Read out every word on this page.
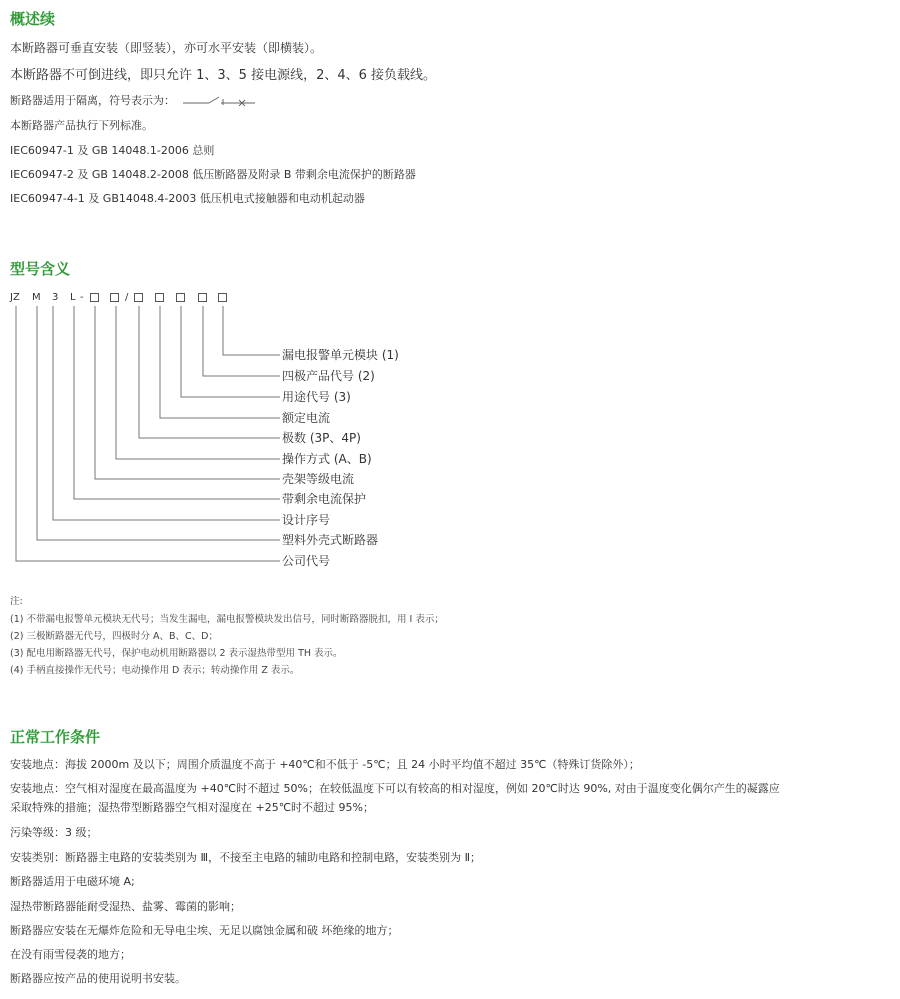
概述续
本断路器可垂直安装（即竖装），亦可水平安装（即横装）。
本断路器不可倒进线，即只允许 1、3、5 接电源线，2、4、6 接负载线。
断路器适用于隔离，符号表示为：
本断路器产品执行下列标准。
IEC60947-1 及 GB 14048.1-2006 总则
IEC60947-2 及 GB 14048.2-2008 低压断路器及附录 B 带剩余电流保护的断路器
IEC60947-4-1 及 GB14048.4-2003 低压机电式接触器和电动机起动器
型号含义
JZ M 3 L -	/
漏电报警单元模块 (1)
四极产品代号 (2)
用途代号 (3)
额定电流
极数 (3P、4P)
操作方式 (A、B)
壳架等级电流
带剩余电流保护
设计序号
塑料外壳式断路器
公司代号
注:
(1) 不带漏电报警单元模块无代号；当发生漏电，漏电报警模块发出信号，同时断路器脱扣，用 I 表示；
(2) 三极断路器无代号，四极时分 A、B、C、D；
(3) 配电用断路器无代号，保护电动机用断路器以 2 表示湿热带型用 TH 表示。
(4) 手柄直接操作无代号；电动操作用 D 表示；转动操作用 Z 表示。
正常工作条件
安装地点：海拔 2000m 及以下；周围介质温度不高于 +40℃和不低于 -5℃；且 24 小时平均值不超过 35℃（特殊订货除外）；
安装地点：空气相对湿度在最高温度为 +40℃时不超过 50%；在较低温度下可以有较高的相对湿度，例如 20℃时达 90%, 对由于温度变化偶尔产生的凝露应
采取特殊的措施；湿热带型断路器空气相对湿度在 +25℃时不超过 95%；
污染等级：3 级；
安装类别：断路器主电路的安装类别为 Ⅲ，不接至主电路的辅助电路和控制电路，安装类别为 Ⅱ；
断路器适用于电磁环境 A;
湿热带断路器能耐受湿热、盐雾、霉菌的影响；
断路器应安装在无爆炸危险和无导电尘埃、无足以腐蚀金属和破 坏绝缘的地方；
在没有雨雪侵袭的地方；
断路器应按产品的使用说明书安装。
